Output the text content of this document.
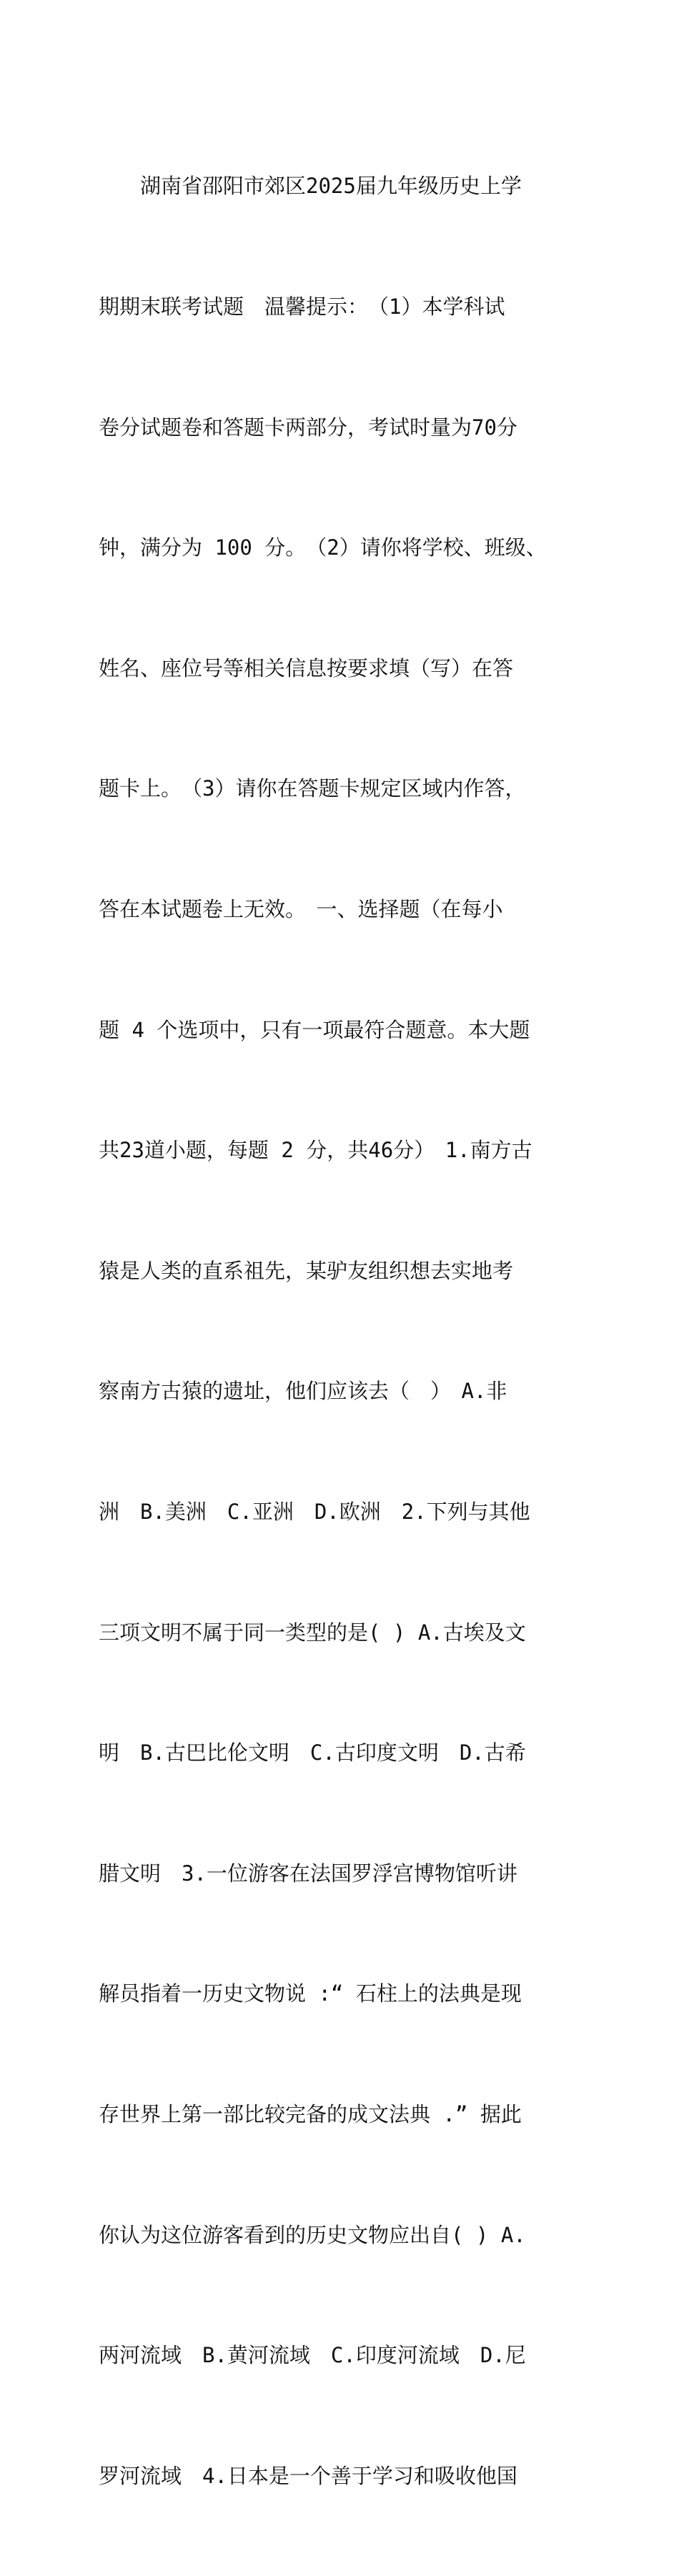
　　湖南省邵阳市郊区2025届九年级历史上学

期期末联考试题　温馨提示：　（1）本学科试

卷分试题卷和答题卡两部分，考试时量为70分

钟，满分为 100 分。　（2）请你将学校、班级、

姓名、座位号等相关信息按要求填（写）在答

题卡上。　（3）请你在答题卡规定区域内作答，

答在本试题卷上无效。　一、选择题（在每小

题 4 个选项中，只有一项最符合题意。本大题

共23道小题，每题 2 分，共46分）　1.南方古

猿是人类的直系祖先，某驴友组织想去实地考

察南方古猿的遗址，他们应该去（　）　A.非

洲　B.美洲　C.亚洲　D.欧洲　2.下列与其他

三项文明不属于同一类型的是( ) A.古埃及文

明　B.古巴比伦文明　C.古印度文明　D.古希

腊文明　3.一位游客在法国罗浮宫博物馆听讲

解员指着一历史文物说 :“ 石柱上的法典是现

存世界上第一部比较完备的成文法典 .” 据此

你认为这位游客看到的历史文物应出自( ) A.

两河流域　B.黄河流域　C.印度河流域　D.尼

罗河流域　4.日本是一个善于学习和吸收他国
